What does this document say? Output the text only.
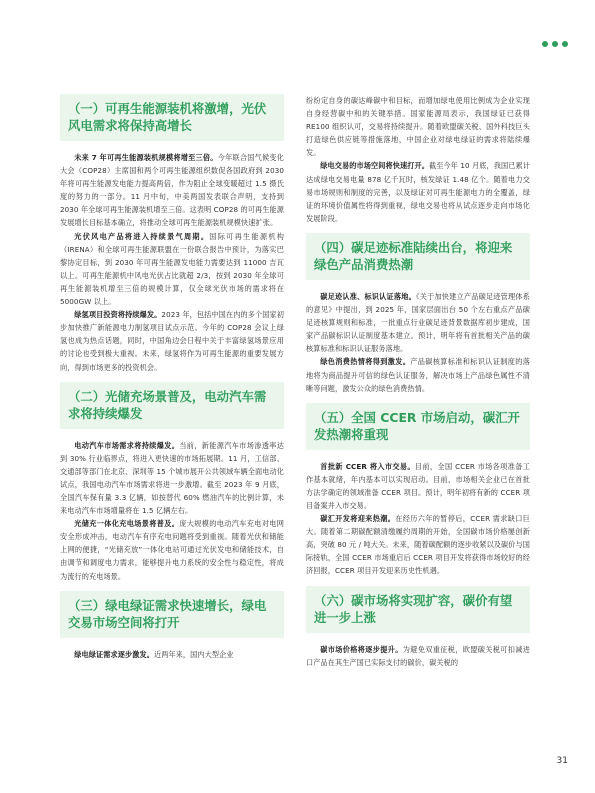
（一）可再生能源装机将激增，光伏风电需求将保持高增长

未来 7 年可再生能源装机规模将增至三倍。今年联合国气候变化大会（COP28）主席国和两个可再生能源组织数促各国政府到 2030 年将可再生能源发电能力提高两倍，作为阻止全球变暖超过 1.5 摄氏度的努力的一部分。11 月中旬，中美两国发表联合声明，支持到 2030 年全球可再生能源装机增至三倍。这表明 COP28 的可再生能源发展增长目标基本确立，将推动全球可再生能源装机规模快速扩张。

光伏风电产品将进入持续景气周期。国际可再生能源机构（IRENA）和全球可再生能源联盟在一份联合报告中预计，为落实巴黎协定目标，到 2030 年可再生能源发电能力需要达到 11000 吉瓦以上。可再生能源机中风电光伏占比就超 2/3，按到 2030 年全球可再生能源装机增至三倍的规模计算，仅全球光伏市场的需求将在 5000GW 以上。

绿氢项目投资将持续爆发。2023 年，包括中国在内的多个国家初步加快推广新能源电力制氢项目试点示范。今年的 COP28 会议上绿氢也成为热点话题，同时，中国角边会日程中关于丰富绿氢场景应用的讨论也受到极大重视。未来，绿氢将作为可再生能源的重要发展方向，得到市场更多的投资机会。

（二）光储充场景普及，电动汽车需求将持续爆发

电动汽车市场需求将持续爆发。当前，新能源汽车市场渗透率达到 30% 行业临界点，将进入更快速的市场拓展期。11 月，工信部、交通部等部门在北京、深圳等 15 个城市展开公共领域车辆全面电动化试点，我国电动汽车市场需求将进一步激增。截至 2023 年 9 月底，全国汽车保有量 3.3 亿辆，如按替代 60% 燃油汽车的比例计算，未来电动汽车市场增量将在 1.5 亿辆左右。

光储充一体化充电场景将普及。庞大规模的电动汽车充电对电网安全形成冲击，电动汽车有序充电问题将受到重视。随着光伏和储能上网的便捷，“光储充放”一体化电站可通过光伏发电和储能技术，自由调节和调度电力需求，能够提升电力系统的安全性与稳定性，将成为流行的充电场景。

（三）绿电绿证需求快速增长，绿电交易市场空间将打开

绿电绿证需求逐步激发。近两年来，国内大型企业

纷纷定自身的碳达峰碳中和目标，而增加绿电使用比例成为企业实现自身经营碳中和的关键举措。国家能源局表示，我国绿证已获得 RE100 组织认可，交易将持续提升。随着欧盟碳关税、国外科技巨头打造绿色供应链等措施落地，中国企业对绿电绿证的需求将陆续爆发。

绿电交易的市场空间将快速打开。截至今年 10 月底，我国已累计达成绿电交易电量 878 亿千瓦时，核发绿证 1.48 亿个。随着电力交易市场规则和制度的完善，以及绿证对可再生能源电力的全覆盖，绿证的环境价值属性将得到重视，绿电交易也将从试点逐步走向市场化发展阶段。

（四）碳足迹标准陆续出台，将迎来绿色产品消费热潮

碳足迹认准、标识认证落地。《关于加快建立产品碳足迹管理体系的意见》中提出，到 2025 年，国家层面出台 50 个左右重点产品碳足迹核算规则和标准，一批重点行业碳足迹背景数据库初步建成，国家产品碳标识认证制度基本建立。预计，明年将有首批相关产品的碳核算标准和标识认证服务落地。

绿色消费热情将得到激发。产品碳核算标准和标识认证制度的落地将为商品提升可信的绿色认证服务，解决市场上产品绿色属性不清晰等问题，激发公众的绿色消费热情。

（五）全国 CCER 市场启动，碳汇开发热潮将重现

首批新 CCER 将入市交易。目前，全国 CCER 市场各项准备工作基本就绪，年内基本可以实现启动。目前，市场相关企业已在首批方法学确定的领域准备 CCER 项目。预计，明年初将有新的 CCER 项目备案并入市交易。

碳汇开发将迎来热潮。在经历六年的暂停后，CCER 需求缺口巨大。随着第二期碳配额清缴履约周期的开始，全国碳市场价格屡创新高，突破 80 元 / 吨大关。未来，随着碳配额的逐步收紧以及碳价与国际接轨，全国 CCER 市场重启后 CCER 项目开发将获得市场较好的经济回报，CCER 项目开发迎来历史性机遇。

（六）碳市场将实现扩容，碳价有望进一步上涨

碳市场价格将逐步提升。为避免双重征税，欧盟碳关税可扣减进口产品在其生产国已实际支付的碳价，碳关税的

31
